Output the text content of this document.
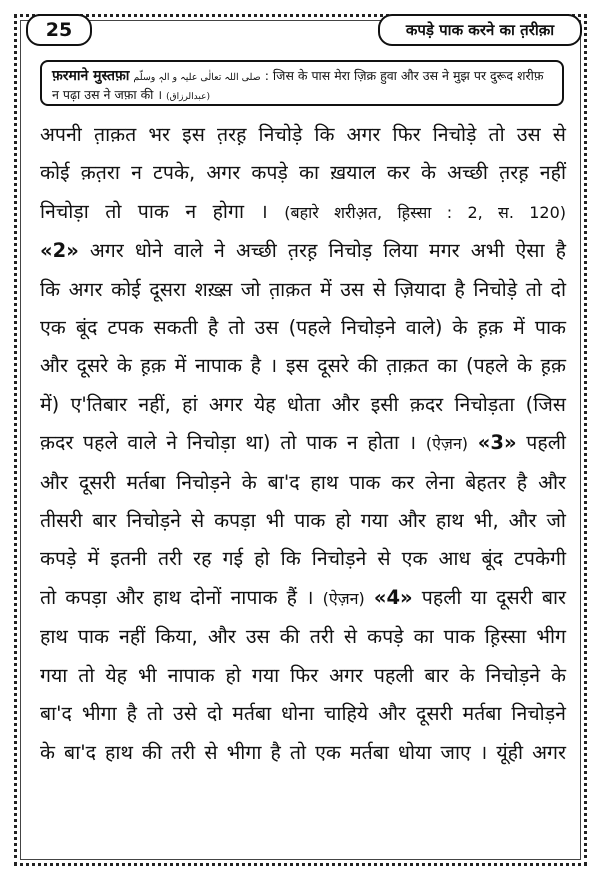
25	कपड़े पाक करने का त़रीक़ा
फ़रमाने मुस्तफ़ा صلی اللہ تعالٰی علیہ و الہٖ وسلّم : जिस के पास मेरा ज़िक्र हुवा और उस ने मुझ पर दुरूद शरीफ़
न पढ़ा उस ने जफ़ा की । (عبدالرزاق)
अपनी त़ाक़त भर इस त़रह़ निचोड़े कि अगर फिर निचोड़े तो उस से
कोई क़त़रा न टपके, अगर कपड़े का ख़याल कर के अच्छी त़रह़ नहीं
निचोड़ा तो पाक न होगा । (बहारे शरीअ़त, ह़िस्सा : 2, स. 120)
«2» अगर धोने वाले ने अच्छी त़रह़ निचोड़ लिया मगर अभी ऐसा है
कि अगर कोई दूसरा शख़्स़ जो त़ाक़त में उस से ज़ियादा है निचोड़े तो दो
एक बूंद टपक सकती है तो उस (पहले निचोड़ने वाले) के ह़क़ में पाक
और दूसरे के ह़क़ में नापाक है । इस दूसरे की त़ाक़त का (पहले के ह़क़
में) ए'तिबार नहीं, हां अगर येह धोता और इसी क़दर निचोड़ता (जिस
क़दर पहले वाले ने निचोड़ा था) तो पाक न होता । (ऐज़न) «3» पहली
और दूसरी मर्तबा निचोड़ने के बा'द हाथ पाक कर लेना बेहतर है और
तीसरी बार निचोड़ने से कपड़ा भी पाक हो गया और हाथ भी, और जो
कपड़े में इतनी तरी रह गई हो कि निचोड़ने से एक आध बूंद टपकेगी
तो कपड़ा और हाथ दोनों नापाक हैं । (ऐज़न) «4» पहली या दूसरी बार
हाथ पाक नहीं किया, और उस की तरी से कपड़े का पाक ह़िस्सा भीग
गया तो येह भी नापाक हो गया फिर अगर पहली बार के निचोड़ने के
बा'द भीगा है तो उसे दो मर्तबा धोना चाहिये और दूसरी मर्तबा निचोड़ने
के बा'द हाथ की तरी से भीगा है तो एक मर्तबा धोया जाए । यूंही अगर
